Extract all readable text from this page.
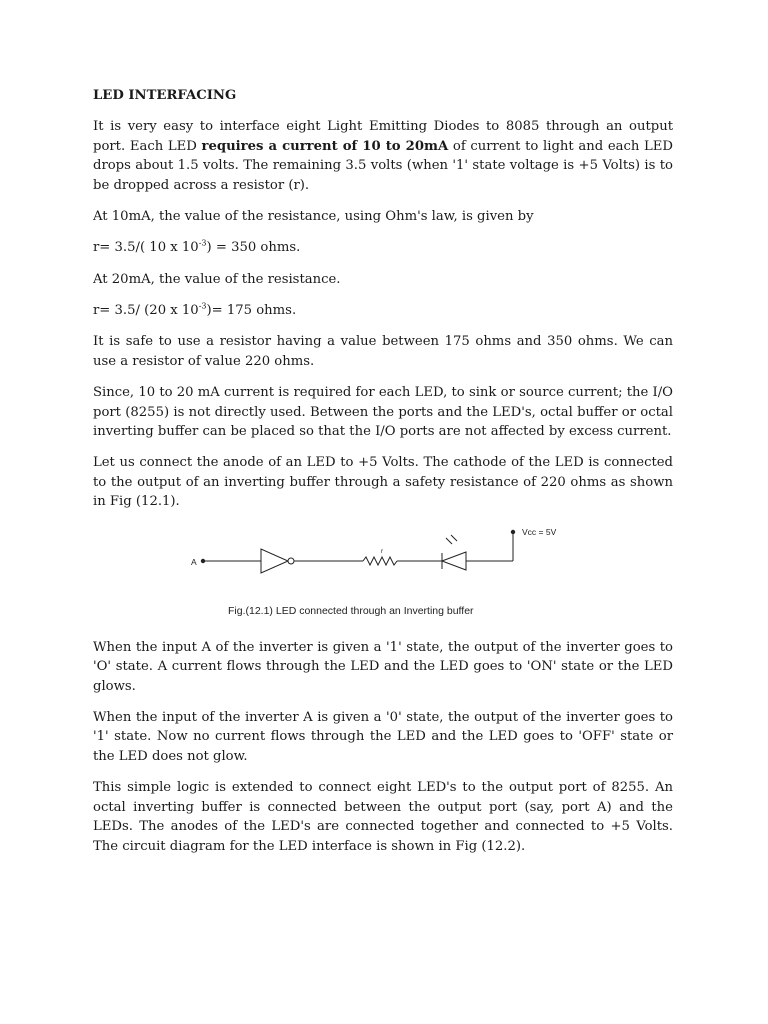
LED INTERFACING

It is very easy to interface eight Light Emitting Diodes to 8085 through an output port. Each LED requires a current of 10 to 20mA of current to light and each LED drops about 1.5 volts. The remaining 3.5 volts (when '1' state voltage is +5 Volts) is to be dropped across a resistor (r).

At 10mA, the value of the resistance, using Ohm's law, is given by

r= 3.5/( 10 x $10^{-3}) = 350$ ohms.

At 20mA, the value of the resistance.

r= 3.5/ (20 x $10^{-3})= 175$ ohms.

It is safe to use a resistor having a value between 175 ohms and 350 ohms. We can use a resistor of value 220 ohms.

Since, 10 to 20 mA current is required for each LED, to sink or source current; the I/O port (8255) is not directly used. Between the ports and the LED's, octal buffer or octal inverting buffer can be placed so that the I/O ports are not affected by excess current.

Let us connect the anode of an LED to +5 Volts. The cathode of the LED is connected to the output of an inverting buffer through a safety resistance of 220 ohms as shown in Fig (12.1).

Vcc = 5V
A
r
Fig.(12.1) LED connected through an Inverting buffer

When the input A of the inverter is given a '1' state, the output of the inverter goes to 'O' state. A current flows through the LED and the LED goes to 'ON' state or the LED glows.

When the input of the inverter A is given a '0' state, the output of the inverter goes to '1' state. Now no current flows through the LED and the LED goes to 'OFF' state or the LED does not glow.

This simple logic is extended to connect eight LED's to the output port of 8255. An octal inverting buffer is connected between the output port (say, port A) and the LEDs. The anodes of the LED's are connected together and connected to +5 Volts. The circuit diagram for the LED interface is shown in Fig (12.2).
